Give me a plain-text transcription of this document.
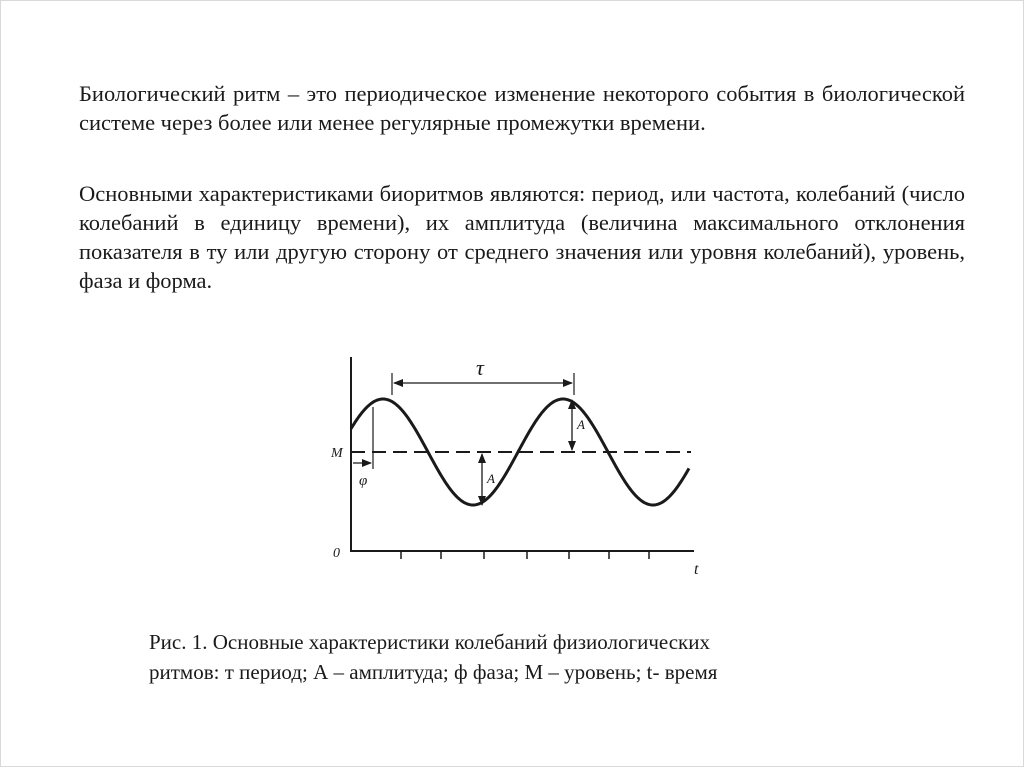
Биологический ритм – это периодическое изменение некоторого события в биологической системе через более или менее регулярные промежутки времени.

Основными характеристиками биоритмов являются: период, или частота, колебаний (число колебаний в единицу времени), их амплитуда (величина максимального отклонения показателя в ту или другую сторону от среднего значения или уровня колебаний), уровень, фаза и форма.

M
0
t
τ
φ
A
A

Рис. 1. Основные характеристики колебаний физиологических
ритмов: т период; А – амплитуда; ф фаза; М – уровень; t- время
